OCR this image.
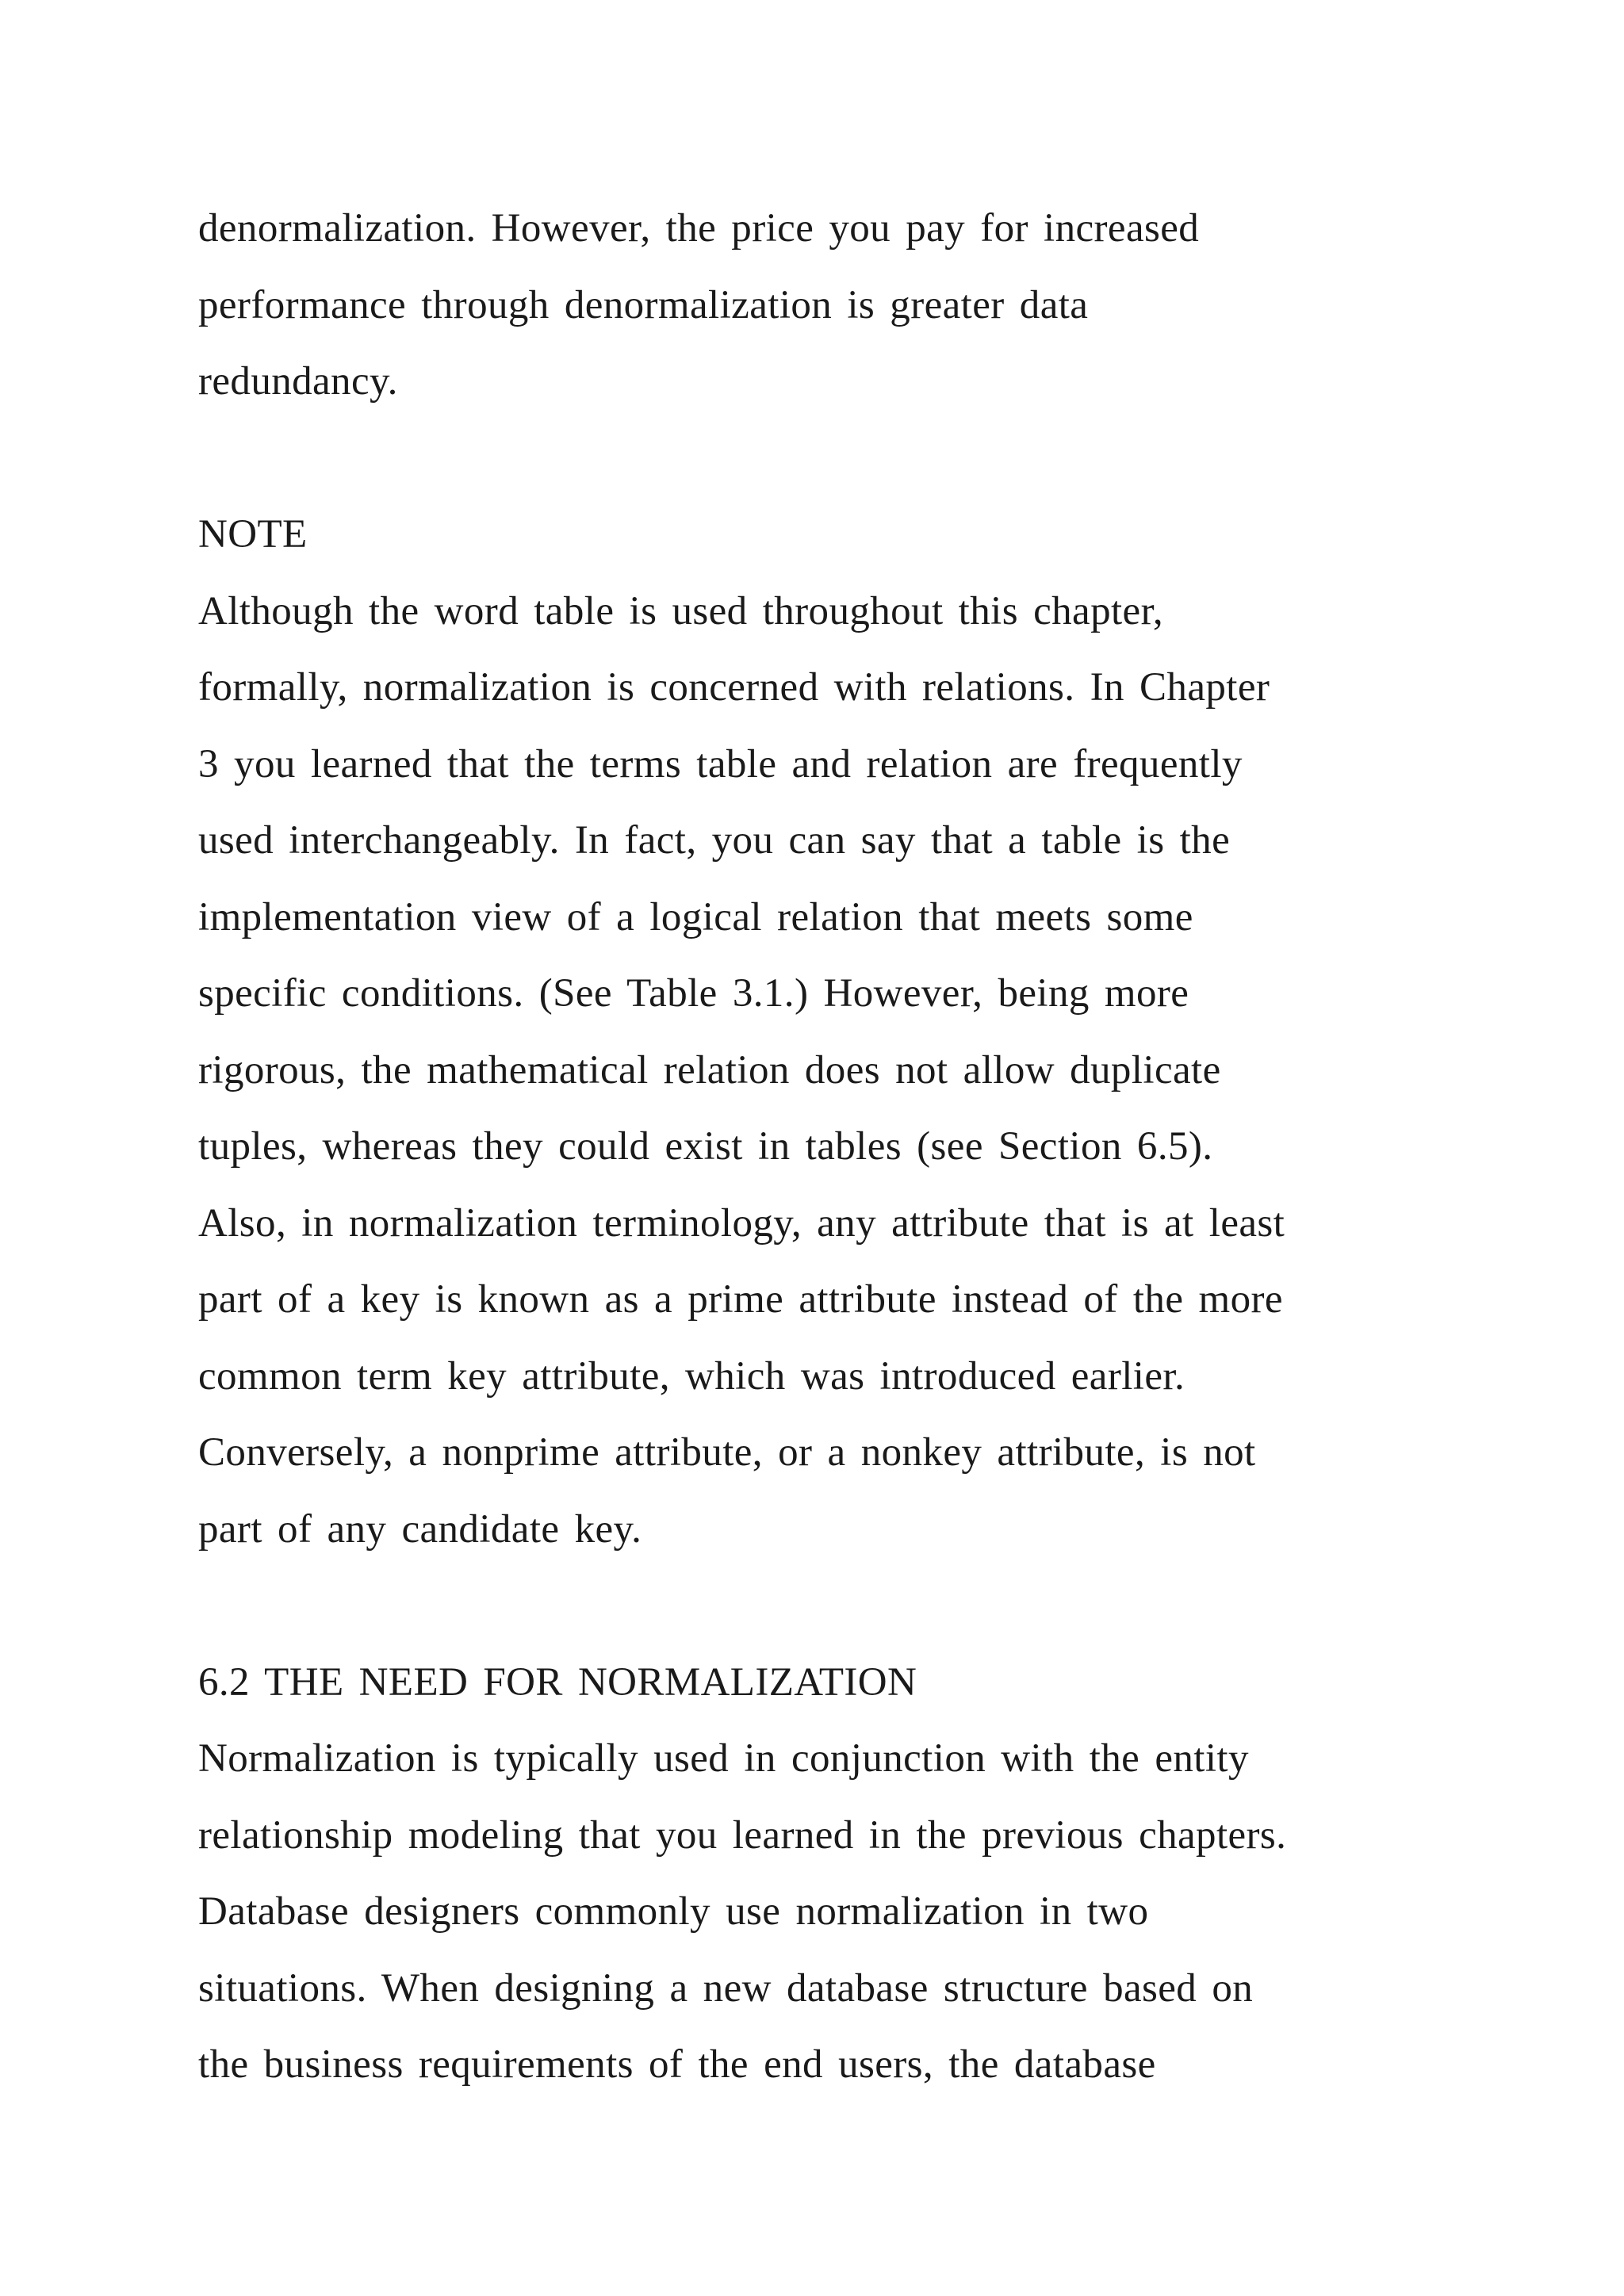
denormalization. However, the price you pay for increased
performance through denormalization is greater data
redundancy.
NOTE
Although the word table is used throughout this chapter,
formally, normalization is concerned with relations. In Chapter
3 you learned that the terms table and relation are frequently
used interchangeably. In fact, you can say that a table is the
implementation view of a logical relation that meets some
specific conditions. (See Table 3.1.) However, being more
rigorous, the mathematical relation does not allow duplicate
tuples, whereas they could exist in tables (see Section 6.5).
Also, in normalization terminology, any attribute that is at least
part of a key is known as a prime attribute instead of the more
common term key attribute, which was introduced earlier.
Conversely, a nonprime attribute, or a nonkey attribute, is not
part of any candidate key.
6.2 THE NEED FOR NORMALIZATION
Normalization is typically used in conjunction with the entity
relationship modeling that you learned in the previous chapters.
Database designers commonly use normalization in two
situations. When designing a new database structure based on
the business requirements of the end users, the database
